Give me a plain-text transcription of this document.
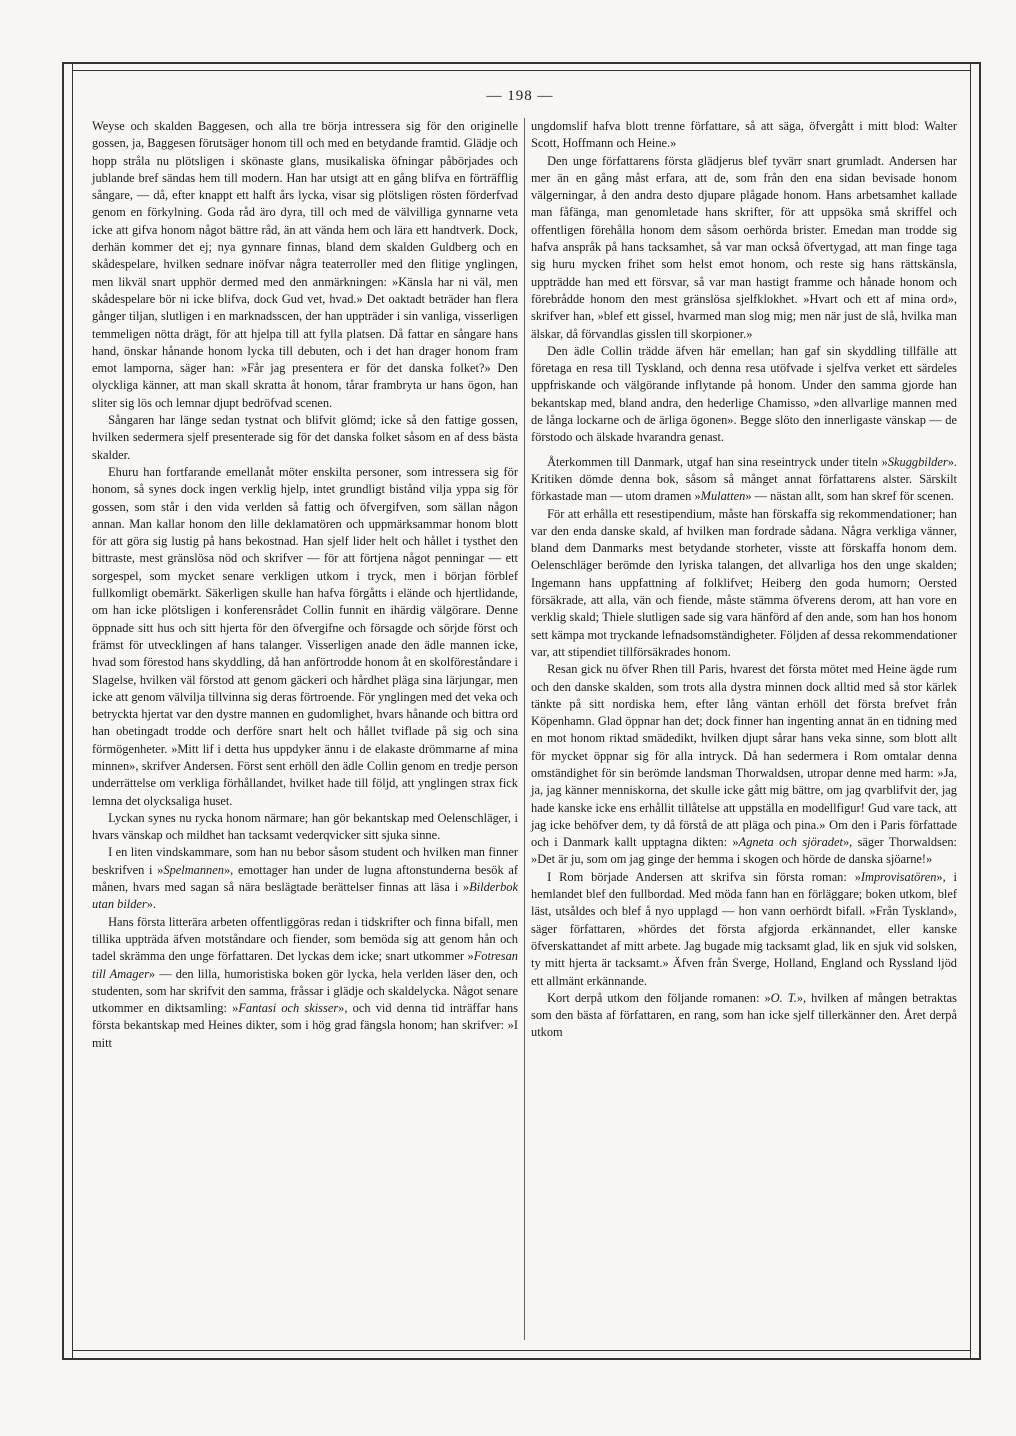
— 198 —

Weyse och skalden Baggesen, och alla tre börja intressera sig för den originelle gossen, ja, Baggesen förutsäger honom till och med en betydande framtid. Glädje och hopp stråla nu plötsligen i skönaste glans, musikaliska öfningar påbörjades och jublande bref sändas hem till modern. Han har utsigt att en gång blifva en förträfflig sångare, — då, efter knappt ett halft års lycka, visar sig plötsligen rösten förderfvad genom en förkylning. Goda råd äro dyra, till och med de välvilliga gynnarne veta icke att gifva honom något bättre råd, än att vända hem och lära ett handtverk. Dock, derhän kommer det ej; nya gynnare finnas, bland dem skalden Guldberg och en skådespelare, hvilken sednare inöfvar några teaterroller med den flitige ynglingen, men likväl snart upphör dermed med den anmärkningen: »Känsla har ni väl, men skådespelare bör ni icke blifva, dock Gud vet, hvad.» Det oaktadt beträder han flera gånger tiljan, slutligen i en marknadsscen, der han uppträder i sin vanliga, visserligen temmeligen nötta drägt, för att hjelpa till att fylla platsen. Då fattar en sångare hans hand, önskar hånande honom lycka till debuten, och i det han drager honom fram emot lamporna, säger han: »Får jag presentera er för det danska folket?» Den olyckliga känner, att man skall skratta åt honom, tårar frambryta ur hans ögon, han sliter sig lös och lemnar djupt bedröfvad scenen.

Sångaren har länge sedan tystnat och blifvit glömd; icke så den fattige gossen, hvilken sedermera sjelf presenterade sig för det danska folket såsom en af dess bästa skalder.

Ehuru han fortfarande emellanåt möter enskilta personer, som intressera sig för honom, så synes dock ingen verklig hjelp, intet grundligt bistånd vilja yppa sig för gossen, som står i den vida verlden så fattig och öfvergifven, som sällan någon annan. Man kallar honom den lille deklamatören och uppmärksammar honom blott för att göra sig lustig på hans bekostnad. Han sjelf lider helt och hållet i tysthet den bittraste, mest gränslösa nöd och skrifver — för att förtjena något penningar — ett sorgespel, som mycket senare verkligen utkom i tryck, men i början förblef fullkomligt obemärkt. Säkerligen skulle han hafva förgåtts i elände och hjertlidande, om han icke plötsligen i konferensrådet Collin funnit en ihärdig välgörare. Denne öppnade sitt hus och sitt hjerta för den öfvergifne och försagde och sörjde först och främst för utvecklingen af hans talanger. Visserligen anade den ädle mannen icke, hvad som förestod hans skyddling, då han anförtrodde honom åt en skolföreståndare i Slagelse, hvilken väl förstod att genom gäckeri och hårdhet pläga sina lärjungar, men icke att genom välvilja tillvinna sig deras förtroende. För ynglingen med det veka och betryckta hjertat var den dystre mannen en gudomlighet, hvars hånande och bittra ord han obetingadt trodde och derföre snart helt och hållet tviflade på sig och sina förmögenheter. »Mitt lif i detta hus uppdyker ännu i de elakaste drömmarne af mina minnen», skrifver Andersen. Först sent erhöll den ädle Collin genom en tredje person underrättelse om verkliga förhållandet, hvilket hade till följd, att ynglingen strax fick lemna det olycksaliga huset.

Lyckan synes nu rycka honom närmare; han gör bekantskap med Oelenschläger, i hvars vänskap och mildhet han tacksamt vederqvicker sitt sjuka sinne.

I en liten vindskammare, som han nu bebor såsom student och hvilken man finner beskrifven i »Spelmannen», emottager han under de lugna aftonstunderna besök af månen, hvars med sagan så nära beslägtade berättelser finnas att läsa i »Bilderbok utan bilder».

Hans första litterära arbeten offentliggöras redan i tidskrifter och finna bifall, men tillika uppträda äfven motståndare och fiender, som bemöda sig att genom hån och tadel skrämma den unge författaren. Det lyckas dem icke; snart utkommer »Fotresan till Amager» — den lilla, humoristiska boken gör lycka, hela verlden läser den, och studenten, som har skrifvit den samma, fråssar i glädje och skaldelycka. Något senare utkommer en diktsamling: »Fantasi och skisser», och vid denna tid inträffar hans första bekantskap med Heines dikter, som i hög grad fängsla honom; han skrifver: »I mitt

ungdomslif hafva blott trenne författare, så att säga, öfvergått i mitt blod: Walter Scott, Hoffmann och Heine.»

Den unge författarens första glädjerus blef tyvärr snart grumladt. Andersen har mer än en gång måst erfara, att de, som från den ena sidan bevisade honom välgerningar, å den andra desto djupare plågade honom. Hans arbetsamhet kallade man fåfänga, man genomletade hans skrifter, för att uppsöka små skriffel och offentligen förehålla honom dem såsom oerhörda brister. Emedan man trodde sig hafva anspråk på hans tacksamhet, så var man också öfvertygad, att man finge taga sig huru mycken frihet som helst emot honom, och reste sig hans rättskänsla, uppträdde han med ett försvar, så var man hastigt framme och hånade honom och förebrådde honom den mest gränslösa sjelfklokhet. »Hvart och ett af mina ord», skrifver han, »blef ett gissel, hvarmed man slog mig; men när just de slå, hvilka man älskar, då förvandlas gisslen till skorpioner.»

Den ädle Collin trädde äfven här emellan; han gaf sin skyddling tillfälle att företaga en resa till Tyskland, och denna resa utöfvade i sjelfva verket ett särdeles uppfriskande och välgörande inflytande på honom. Under den samma gjorde han bekantskap med, bland andra, den hederlige Chamisso, »den allvarlige mannen med de långa lockarne och de ärliga ögonen». Begge slöto den innerligaste vänskap — de förstodo och älskade hvarandra genast.

Återkommen till Danmark, utgaf han sina reseintryck under titeln »Skuggbilder». Kritiken dömde denna bok, såsom så månget annat författarens alster. Särskilt förkastade man — utom dramen »Mulatten» — nästan allt, som han skref för scenen.

För att erhålla ett resestipendium, måste han förskaffa sig rekommendationer; han var den enda danske skald, af hvilken man fordrade sådana. Några verkliga vänner, bland dem Danmarks mest betydande storheter, visste att förskaffa honom dem. Oelenschläger berömde den lyriska talangen, det allvarliga hos den unge skalden; Ingemann hans uppfattning af folklifvet; Heiberg den goda humorn; Oersted försäkrade, att alla, vän och fiende, måste stämma öfverens derom, att han vore en verklig skald; Thiele slutligen sade sig vara hänförd af den ande, som han hos honom sett kämpa mot tryckande lefnadsomständigheter. Följden af dessa rekommendationer var, att stipendiet tillförsäkrades honom.

Resan gick nu öfver Rhen till Paris, hvarest det första mötet med Heine ägde rum och den danske skalden, som trots alla dystra minnen dock alltid med så stor kärlek tänkte på sitt nordiska hem, efter lång väntan erhöll det första brefvet från Köpenhamn. Glad öppnar han det; dock finner han ingenting annat än en tidning med en mot honom riktad smädedikt, hvilken djupt sårar hans veka sinne, som blott allt för mycket öppnar sig för alla intryck. Då han sedermera i Rom omtalar denna omständighet för sin berömde landsman Thorwaldsen, utropar denne med harm: »Ja, ja, jag känner menniskorna, det skulle icke gått mig bättre, om jag qvarblifvit der, jag hade kanske icke ens erhållit tillåtelse att uppställa en modellfigur! Gud vare tack, att jag icke behöfver dem, ty då förstå de att pläga och pina.» Om den i Paris författade och i Danmark kallt upptagna dikten: »Agneta och sjöradet», säger Thorwaldsen: »Det är ju, som om jag ginge der hemma i skogen och hörde de danska sjöarne!»

I Rom började Andersen att skrifva sin första roman: »Improvisatören», i hemlandet blef den fullbordad. Med möda fann han en förläggare; boken utkom, blef läst, utsåldes och blef å nyo upplagd — hon vann oerhördt bifall. »Från Tyskland», säger författaren, »hördes det första afgjorda erkännandet, eller kanske öfverskattandet af mitt arbete. Jag bugade mig tacksamt glad, lik en sjuk vid solsken, ty mitt hjerta är tacksamt.» Äfven från Sverge, Holland, England och Ryssland ljöd ett allmänt erkännande.

Kort derpå utkom den följande romanen: »O. T.», hvilken af mången betraktas som den bästa af författaren, en rang, som han icke sjelf tillerkänner den. Året derpå utkom
